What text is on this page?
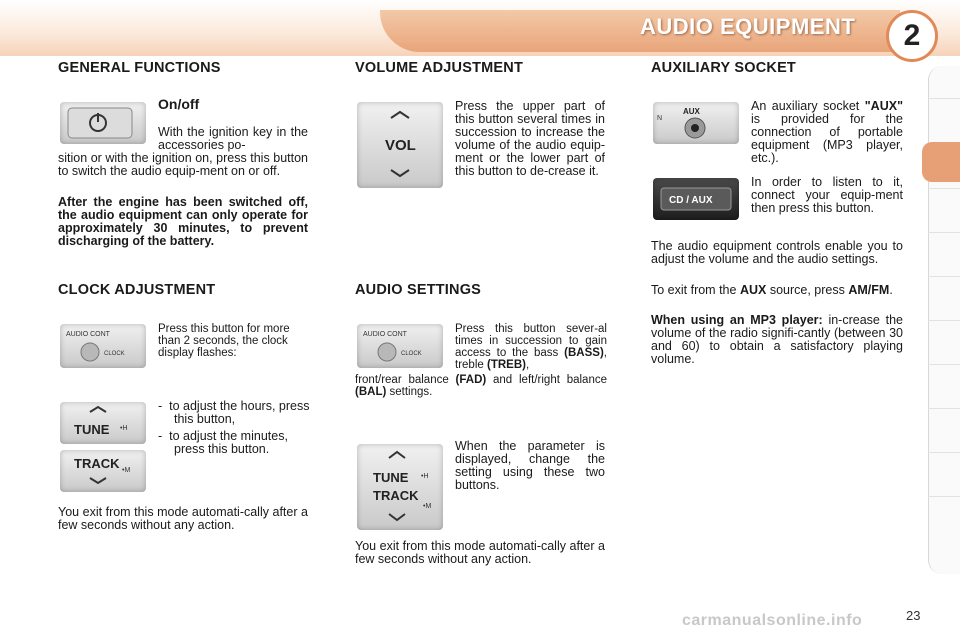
AUDIO EQUIPMENT	2
GENERAL FUNCTIONS
On/off
With the ignition key in the accessories po-
sition or with the ignition on, press this button to switch the audio equip-ment on or off.
After the engine has been switched off, the audio equipment can only operate for approximately 30 minutes, to prevent discharging of the battery.
CLOCK ADJUSTMENT
AUDIO CONT
CLOCK
Press this button for more than 2 seconds, the clock display flashes:
TUNE •H
TRACK •M
-  to adjust the hours, press this button,
-  to adjust the minutes, press this button.
You exit from this mode automati-cally after a few seconds without any action.
VOLUME ADJUSTMENT
VOL
Press the upper part of this button several times in succession to increase the volume of the audio equip-ment or the lower part of this button to de-crease it.
AUDIO SETTINGS
AUDIO CONT
CLOCK
Press this button sever-al times in succession to gain access to the bass (BASS), treble (TREB),
front/rear balance (FAD) and left/right balance (BAL) settings.
TUNE •H
TRACK
•M
When the parameter is displayed, change the setting using these two buttons.
You exit from this mode automati-cally after a few seconds without any action.
AUXILIARY SOCKET
N
AUX	An auxiliary socket "AUX" is provided for the connection of portable equipment (MP3 player, etc.).
CD / AUX
In order to listen to it, connect your equip-ment then press this button.
The audio equipment controls enable you to adjust the volume and the audio settings.
To exit from the AUX source, press AM/FM.
When using an MP3 player: in-crease the volume of the radio signifi-cantly (between 30 and 60) to obtain a satisfactory playing volume.
carmanualsonline.info	23
